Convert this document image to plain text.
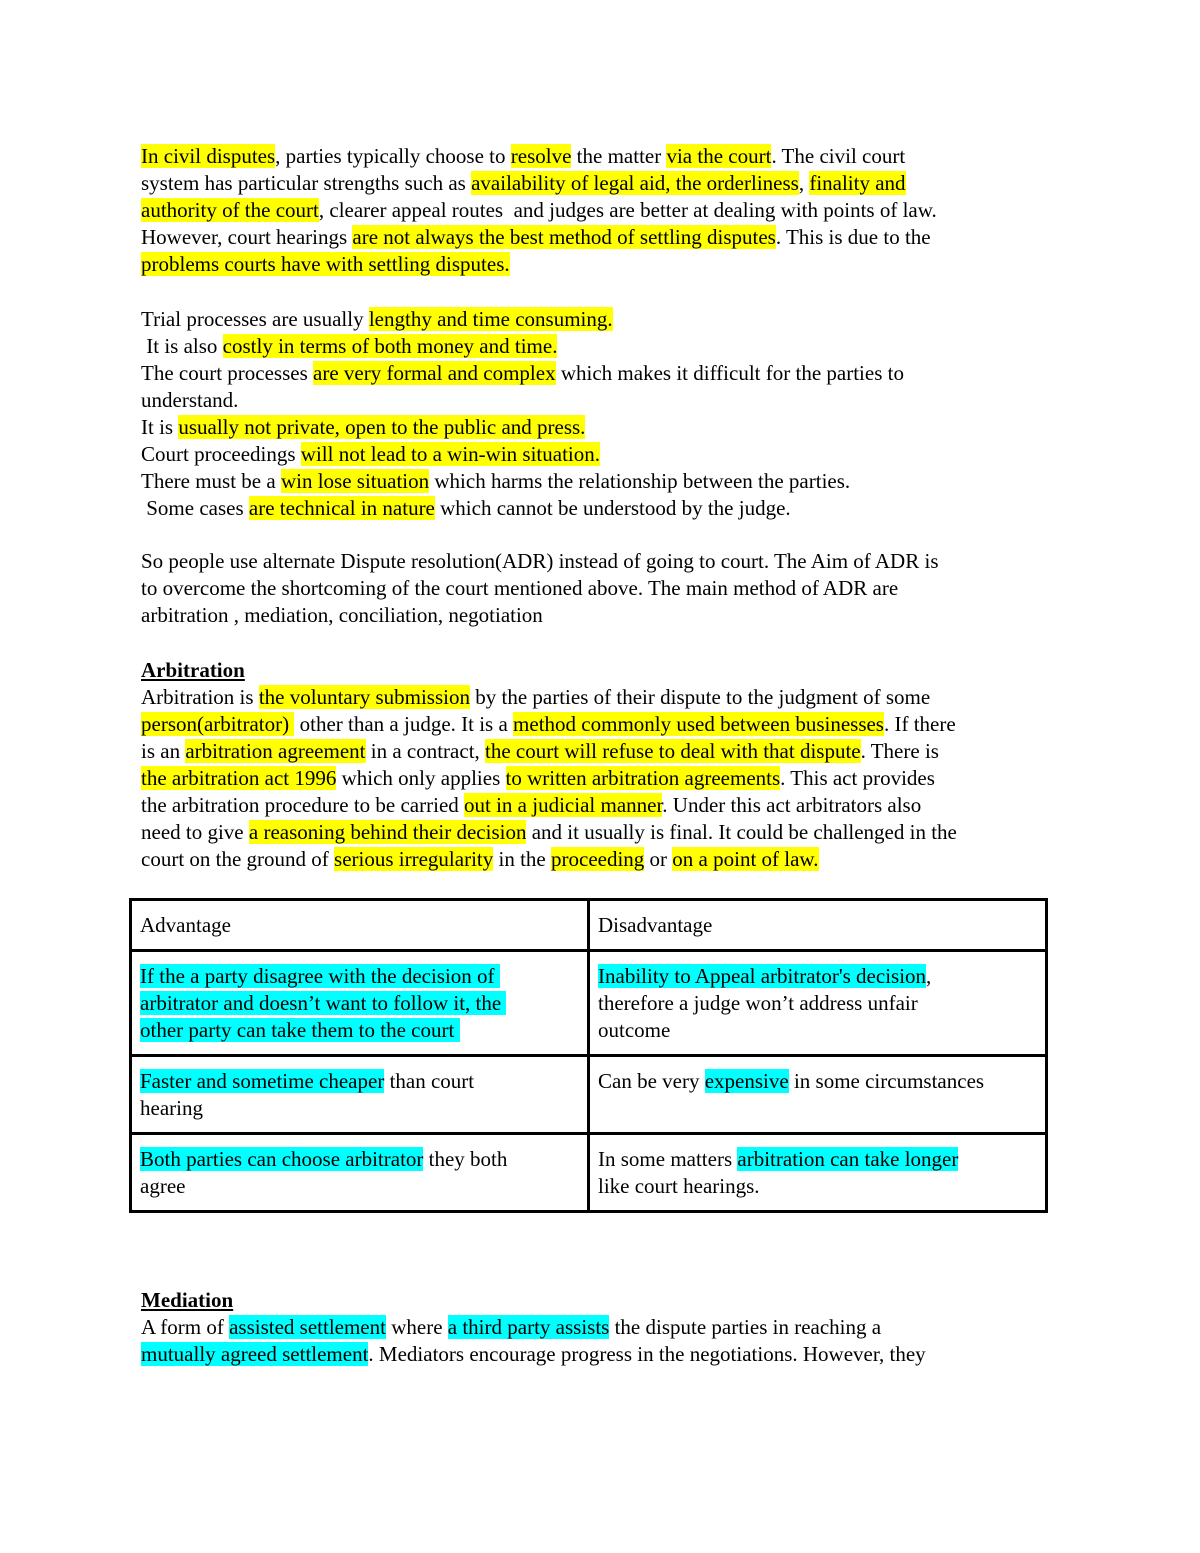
In civil disputes, parties typically choose to resolve the matter via the court. The civil court
system has particular strengths such as availability of legal aid, the orderliness, finality and
authority of the court, clearer appeal routes  and judges are better at dealing with points of law.
However, court hearings are not always the best method of settling disputes. This is due to the
problems courts have with settling disputes.
Trial processes are usually lengthy and time consuming.
It is also costly in terms of both money and time.
The court processes are very formal and complex which makes it difficult for the parties to
understand.
It is usually not private, open to the public and press.
Court proceedings will not lead to a win-win situation.
There must be a win lose situation which harms the relationship between the parties.
Some cases are technical in nature which cannot be understood by the judge.
So people use alternate Dispute resolution(ADR) instead of going to court. The Aim of ADR is
to overcome the shortcoming of the court mentioned above. The main method of ADR are
arbitration , mediation, conciliation, negotiation
Arbitration
Arbitration is the voluntary submission by the parties of their dispute to the judgment of some
person(arbitrator)  other than a judge. It is a method commonly used between businesses. If there
is an arbitration agreement in a contract, the court will refuse to deal with that dispute. There is
the arbitration act 1996 which only applies to written arbitration agreements. This act provides
the arbitration procedure to be carried out in a judicial manner. Under this act arbitrators also
need to give a reasoning behind their decision and it usually is final. It could be challenged in the
court on the ground of serious irregularity in the proceeding or on a point of law.
Advantage	Disadvantage

If the a party disagree with the decision of
arbitrator and doesn’t want to follow it, the
other party can take them to the court	Inability to Appeal arbitrator's decision,
therefore a judge won’t address unfair
outcome

Faster and sometime cheaper than court
hearing	Can be very expensive in some circumstances

Both parties can choose arbitrator they both
agree	In some matters arbitration can take longer
like court hearings.
Mediation
A form of assisted settlement where a third party assists the dispute parties in reaching a
mutually agreed settlement. Mediators encourage progress in the negotiations. However, they
